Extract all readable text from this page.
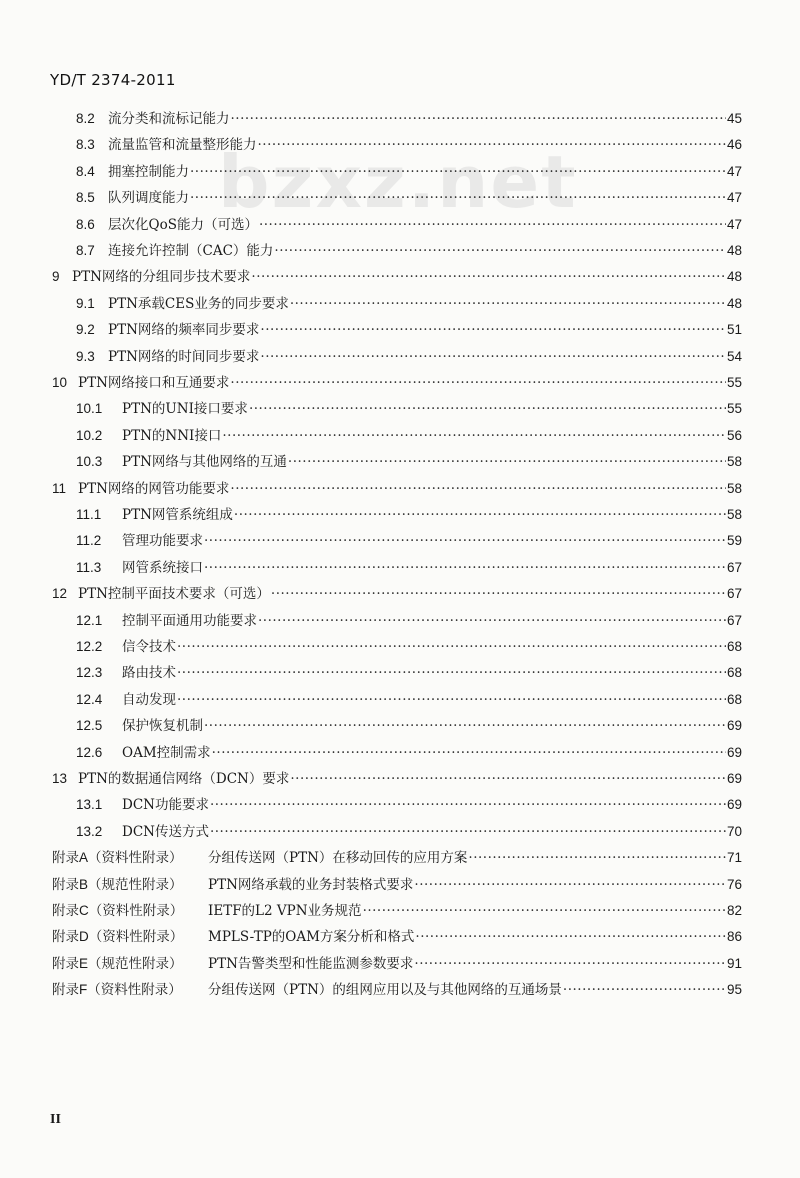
YD/T 2374-2011
bzxz.net
8.2 流分类和流标记能力 ·····	45
8.3 流量监管和流量整形能力 ·····	46
8.4 拥塞控制能力 ·····	47
8.5 队列调度能力 ·····	47
8.6 层次化QoS能力（可选） ·····	47
8.7 连接允许控制（CAC）能力 ·····	48
9 PTN网络的分组同步技术要求 ·····	48
9.1 PTN承载CES业务的同步要求 ·····	48
9.2 PTN网络的频率同步要求 ·····	51
9.3 PTN网络的时间同步要求 ·····	54
10 PTN网络接口和互通要求 ·····	55
10.1	PTN的UNI接口要求 ·····	55
10.2	PTN的NNI接口 ·····	56
10.3	PTN网络与其他网络的互通 ·····	58
11 PTN网络的网管功能要求 ·····	58
11.1	PTN网管系统组成 ·····	58
11.2	管理功能要求 ·····	59
11.3	网管系统接口 ·····	67
12 PTN控制平面技术要求（可选） ·····	67
12.1	控制平面通用功能要求 ·····	67
12.2	信令技术 ·····	68
12.3	路由技术 ·····	68
12.4	自动发现 ·····	68
12.5	保护恢复机制 ·····	69
12.6	OAM控制需求 ·····	69
13 PTN的数据通信网络（DCN）要求 ·····	69
13.1	DCN功能要求 ·····	69
13.2	DCN传送方式 ·····	70
附录A（资料性附录）	分组传送网（PTN）在移动回传的应用方案 ·····	71
附录B（规范性附录）	PTN网络承载的业务封装格式要求 ·····	76
附录C（资料性附录）	IETF的L2 VPN业务规范 ·····	82
附录D（资料性附录）	MPLS-TP的OAM方案分析和格式 ·····	86
附录E（规范性附录）	PTN告警类型和性能监测参数要求 ·····	91
附录F（资料性附录）	分组传送网（PTN）的组网应用以及与其他网络的互通场景 ·····	95
II
